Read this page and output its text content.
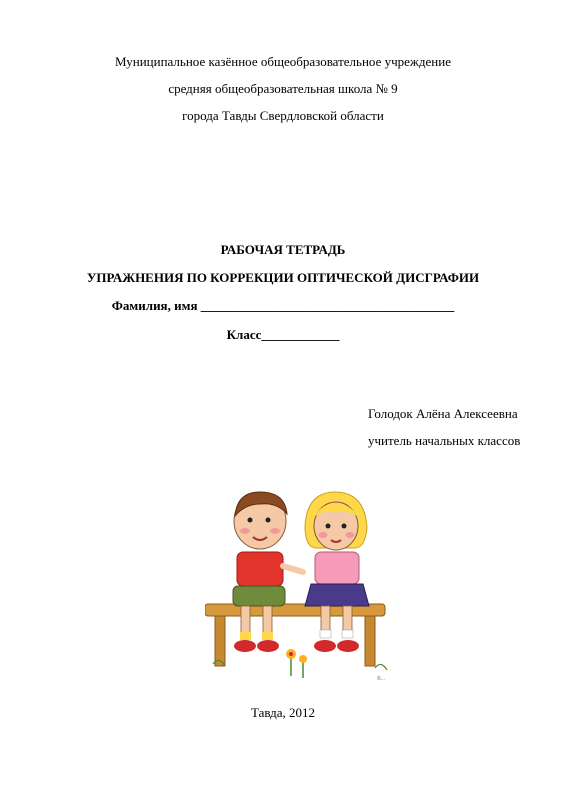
Муниципальное казённое общеобразовательное учреждение
средняя общеобразовательная школа № 9
города Тавды Свердловской области
РАБОЧАЯ ТЕТРАДЬ
УПРАЖНЕНИЯ ПО КОРРЕКЦИИ ОПТИЧЕСКОЙ ДИСГРАФИИ
Фамилия, имя _______________________________________
Класс____________
Голодок Алёна Алексеевна
учитель начальных классов
©...
Тавда, 2012
